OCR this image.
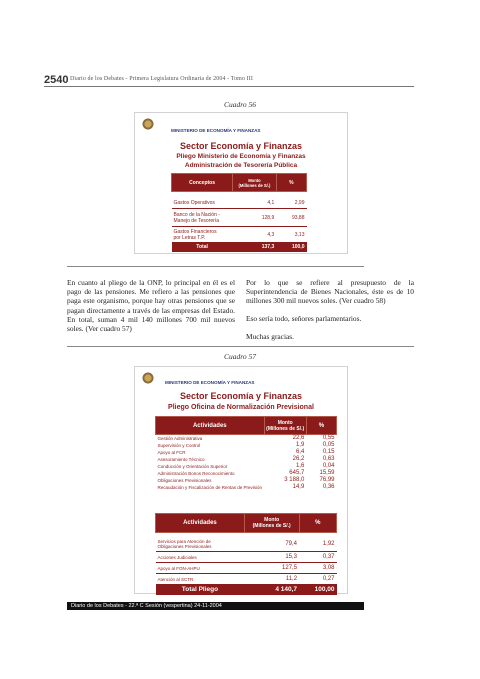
2540 Diario de los Debates - Primera Legislatura Ordinaria de 2004 - Tomo III
Cuadro 56
MINISTERIO DE ECONOMÍA Y FINANZAS
Sector Economía y Finanzas
Pliego Ministerio de Economía y Finanzas
Administración de Tesorería Pública
Conceptos	Monto
(Millones de S/.)	%

Gastos Operativos	4,1	2,99
Banco de la Nación -
Manejo de Tesorería	128,9	93,88
Gastos Financieros
por Letras T.P.	4,3	3,13
Total	137,3	100,0
En cuanto al pliego de la ONP, lo principal en él es el pago de las pensiones. Me refiero a las pensiones que paga este organismo, porque hay otras pensiones que se pagan directamente a través de las empresas del Estado. En total, suman 4 mil 140 millones 700 mil nuevos soles. (Ver cuadro 57)
Por lo que se refiere al presupuesto de la Superintendencia de Bienes Nacionales, éste es de 10 millones 300 mil nuevos soles. (Ver cuadro 58)
Eso sería todo, señores parlamentarios.
Muchas gracias.
Cuadro 57
MINISTERIO DE ECONOMÍA Y FINANZAS
Sector Economía y Finanzas
Pliego Oficina de Normalización Previsional
Actividades	Monto
(Millones de S/.)	%
Gestión Administrativa	22,6	0,55
Supervisión y Control	1,9	0,05
Apoyo al FCR	6,4	0,15
Asesoramiento Técnico	26,2	0,63
Conducción y Orientación Superior	1,6	0,04
Administración Bonos Reconocimiento	645,7	15,59
Obligaciones Previsionales	3 188,0	76,99
Recaudación y Fiscalización de Rentas de Previsión	14,9	0,36
Actividades	Monto
(Millones de S/.)	%

Servicios para Atención de
Obligaciones Previsionales	79,4	1,92
Acciones Judiciales	15,3	0,37
Apoyo al FON-AHPU	127,5	3,08
Atención al SCTR	11,2	0,27
Total Pliego	4 140,7	100,00
Diario de los Debates - 22.ª C Sesión (vespertina) 24-11-2004
